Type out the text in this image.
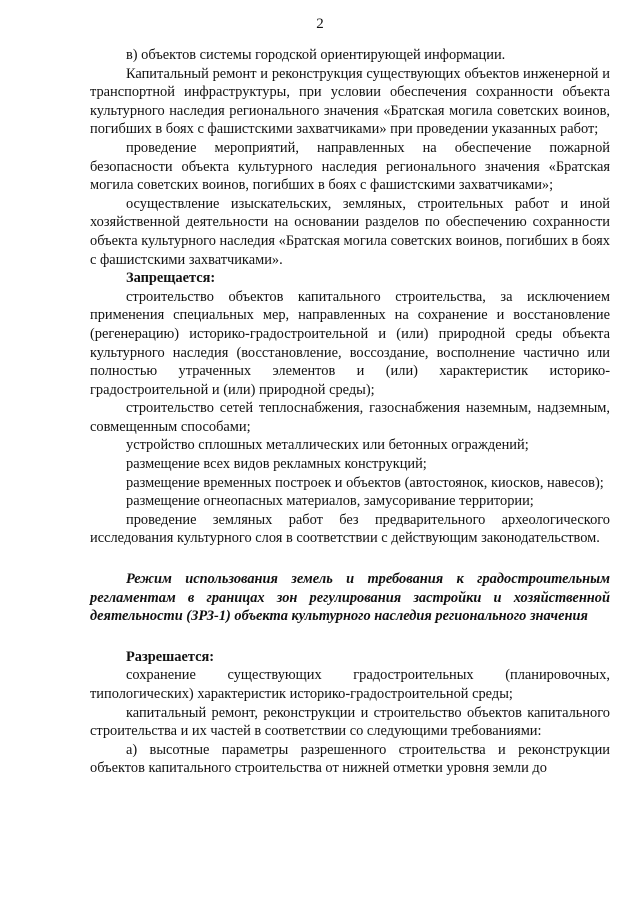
2

в) объектов системы городской ориентирующей информации.

Капитальный ремонт и реконструкция существующих объектов инженерной и транспортной инфраструктуры, при условии обеспечения сохранности объекта культурного наследия регионального значения «Братская могила советских воинов, погибших в боях с фашистскими захватчиками» при проведении указанных работ;

проведение мероприятий, направленных на обеспечение пожарной безопасности объекта культурного наследия регионального значения «Братская могила советских воинов, погибших в боях с фашистскими захватчиками»;

осуществление изыскательских, земляных, строительных работ и иной хозяйственной деятельности на основании разделов по обеспечению сохранности объекта культурного наследия «Братская могила советских воинов, погибших в боях с фашистскими захватчиками».

Запрещается:

строительство объектов капитального строительства, за исключением применения специальных мер, направленных на сохранение и восстановление (регенерацию) историко-градостроительной и (или) природной среды объекта культурного наследия (восстановление, воссоздание, восполнение частично или полностью утраченных элементов и (или) характеристик историко-градостроительной и (или) природной среды);

строительство сетей теплоснабжения, газоснабжения наземным, надземным, совмещенным способами;

устройство сплошных металлических или бетонных ограждений;

размещение всех видов рекламных конструкций;

размещение временных построек и объектов (автостоянок, киосков, навесов);

размещение огнеопасных материалов, замусоривание территории;

проведение земляных работ без предварительного археологического исследования культурного слоя в соответствии с действующим законодательством.

Режим использования земель и требования к градостроительным регламентам в границах зон регулирования застройки и хозяйственной деятельности (ЗРЗ-1) объекта культурного наследия регионального значения

Разрешается:

сохранение существующих градостроительных (планировочных, типологических) характеристик историко-градостроительной среды;

капитальный ремонт, реконструкции и строительство объектов капитального строительства и их частей в соответствии со следующими требованиями:

а) высотные параметры разрешенного строительства и реконструкции объектов капитального строительства от нижней отметки уровня земли до
